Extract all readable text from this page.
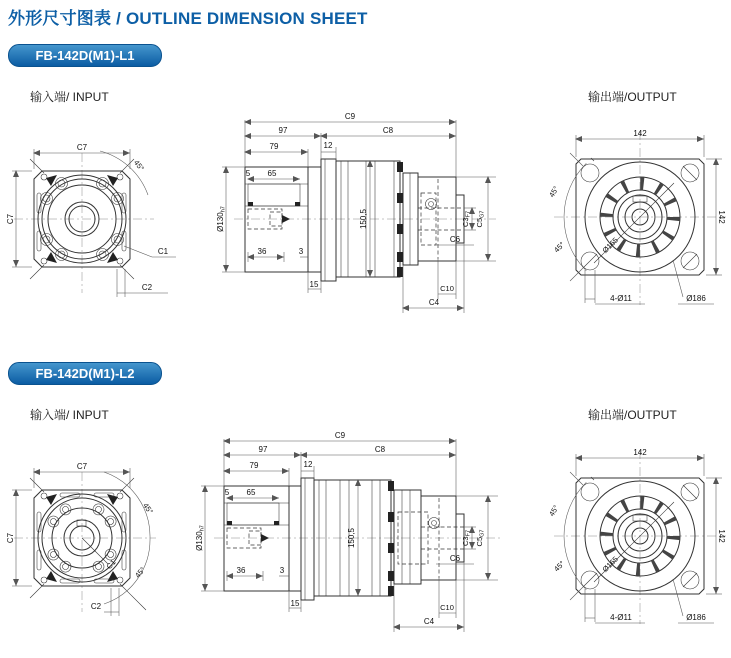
外形尺寸图表 / OUTLINE DIMENSION SHEET
FB-142D(M1)-L1
输入端/ INPUT	输出端/OUTPUT
C7
C7
45°
C1
C2
C9
97	C8
79	12
5 65
Ø130h7	150,5
36	3
15
$C3_{F7}$
$C5_{G7}$
C6
C10
C4
142
142
45°
45°	Ø165
4-Ø11	Ø186
FB-142D(M1)-L2
输入端/ INPUT	输出端/OUTPUT
C7
C7
45°
45°
C1
C2
C9
97	C8
79	12
5 65
Ø130h7	150,5
36	3
15
$C3_{F7}$
$C5_{G7}$
C6
C10
C4
142
142
45°
45°	Ø165
4-Ø11	Ø186
